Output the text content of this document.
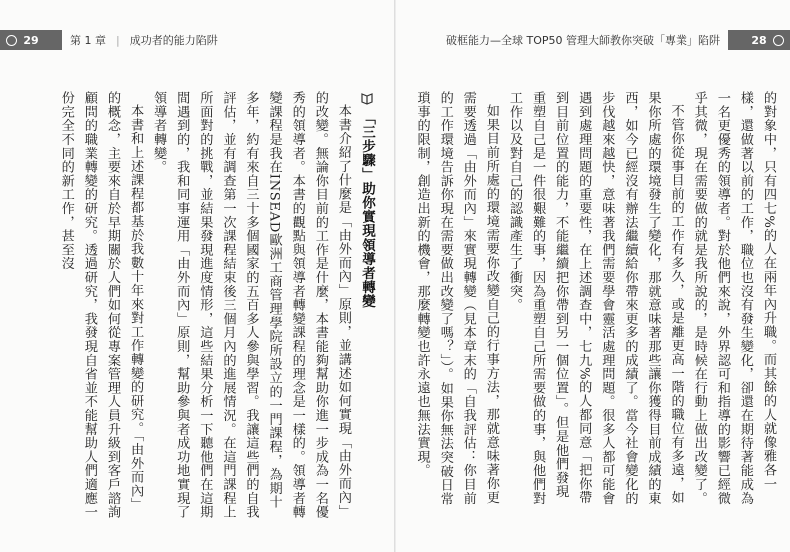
29	第 1 章 | 成功者的能力陷阱	破框能力—全球 TOP50 管理大師教你突破「專業」陷阱	28

的對象中，只有四七%的人在兩年內升職。而其餘的人就像雅各一樣，還做著以前的工作，職位也沒有發生變化，卻還在期待著能成為一名更優秀的領導者。對於他們來說，外界認可和指導的影響已經微乎其微，現在需要做的就是我所說的，是時候在行動上做出改變了。

不管你從事目前的工作有多久，或是離更高一階的職位有多遠，如果你所處的環境發生了變化，那就意味著那些讓你獲得目前成績的東西，如今已經沒有辦法繼續給你帶來更多的成績了。當今社會變化的步伐越來越快，意味著我們需要學會靈活處理問題。很多人都可能會遇到處理問題的重要性，在上述調查中，七九%的人都同意「把你帶到目前位置的能力，不能繼續把你帶到另一個位置」。但是他們發現重塑自己是一件很艱難的事，因為重塑自己所需要做的事，與他們對工作以及對自己的認識產生了衝突。

如果目前所處的環境需要你改變自己的行事方法，那就意味著你更需要透過「由外而內」來實現轉變（見本章末的「自我評估：你目前的工作環境告訴你現在需要做出改變了嗎？」）。如果你無法突破日常瑣事的限制，創造出新的機會，那麼轉變也許永遠也無法實現。

「三步驟」助你實現領導者轉變

本書介紹了什麼是「由外而內」原則，並講述如何實現「由外而內」的改變。無論你目前的工作是什麼，本書能夠幫助你進一步成為一名優秀的領導者。本書的觀點與領導者轉變課程的理念是一樣的。領導者轉變課程是我在INSEAD歐洲工商管理學院所設立的一門課程，為期十多年，約有來自三十多個國家的五百多人參與學習。我讓這些們的自我評估，並有調查第一次課程結束後三個月內的進展情況。在這門課程上所面對的挑戰，並結果發現進度情形，這些結果分析一下聽他們在這期間遇到的，我和同事運用「由外而內」原則，幫助參與者成功地實現了領導者轉變。

本書和上述課程都基於我數十年來對工作轉變的研究。「由外而內」的概念，主要來自於早期關於人們如何從專案管理人員升級到客戶諮詢顧問的職業轉變的研究。透過研究，我發現自省並不能幫助人們適應一份完全不同的新工作，甚至沒
